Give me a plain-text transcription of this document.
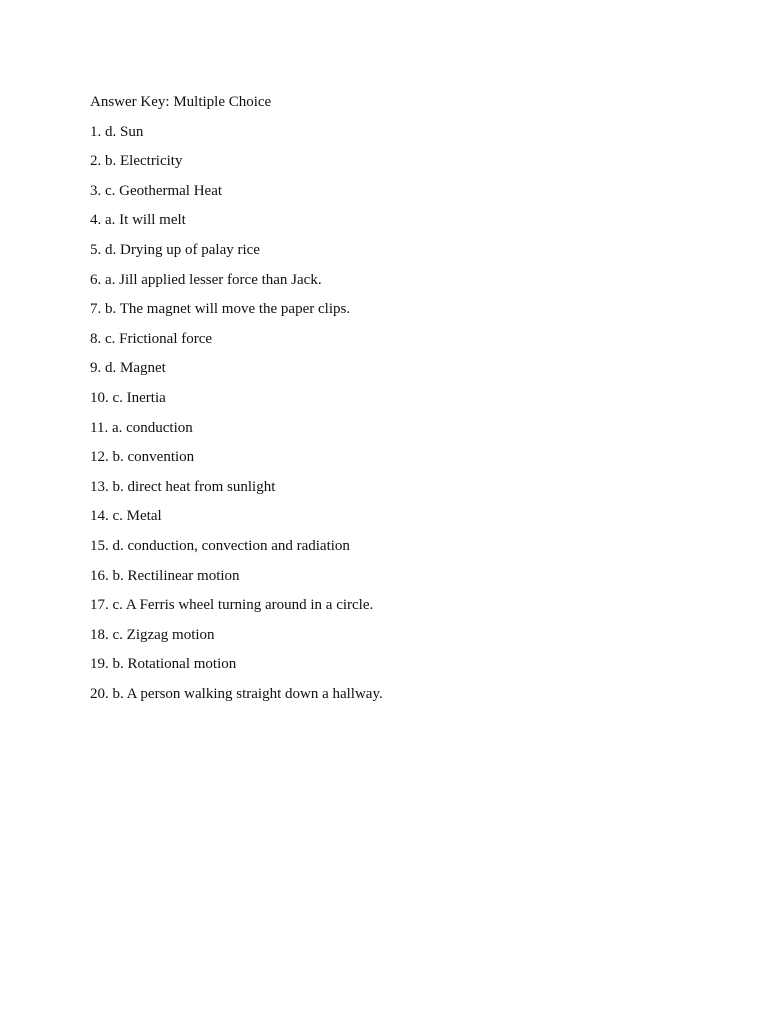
Answer Key: Multiple Choice
1. d. Sun
2. b. Electricity
3. c. Geothermal Heat
4. a. It will melt
5. d. Drying up of palay rice
6. a. Jill applied lesser force than Jack.
7. b. The magnet will move the paper clips.
8. c. Frictional force
9. d. Magnet
10. c. Inertia
11. a. conduction
12. b. convention
13. b. direct heat from sunlight
14. c. Metal
15. d. conduction, convection and radiation
16. b. Rectilinear motion
17. c. A Ferris wheel turning around in a circle.
18. c. Zigzag motion
19. b. Rotational motion
20. b. A person walking straight down a hallway.
